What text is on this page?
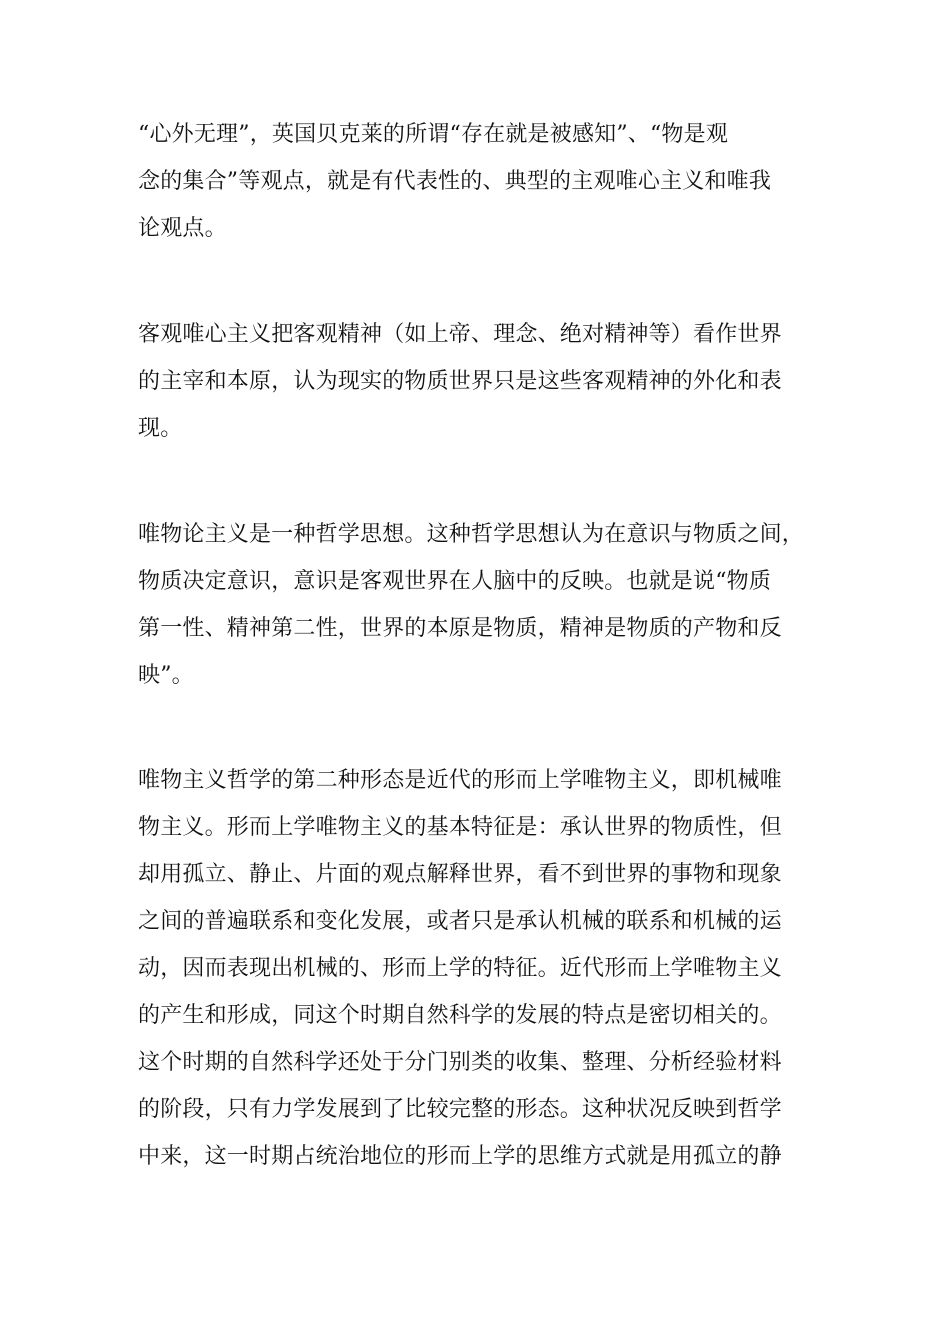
“心外无理”，英国贝克莱的所谓“存在就是被感知”、“物是观
念的集合”等观点，就是有代表性的、典型的主观唯心主义和唯我
论观点。
客观唯心主义把客观精神（如上帝、理念、绝对精神等）看作世界
的主宰和本原，认为现实的物质世界只是这些客观精神的外化和表
现。
唯物论主义是一种哲学思想。这种哲学思想认为在意识与物质之间，
物质决定意识，意识是客观世界在人脑中的反映。也就是说“物质
第一性、精神第二性，世界的本原是物质，精神是物质的产物和反
映”。
唯物主义哲学的第二种形态是近代的形而上学唯物主义，即机械唯
物主义。形而上学唯物主义的基本特征是：承认世界的物质性，但
却用孤立、静止、片面的观点解释世界，看不到世界的事物和现象
之间的普遍联系和变化发展，或者只是承认机械的联系和机械的运
动，因而表现出机械的、形而上学的特征。近代形而上学唯物主义
的产生和形成，同这个时期自然科学的发展的特点是密切相关的。
这个时期的自然科学还处于分门别类的收集、整理、分析经验材料
的阶段，只有力学发展到了比较完整的形态。这种状况反映到哲学
中来，这一时期占统治地位的形而上学的思维方式就是用孤立的静
